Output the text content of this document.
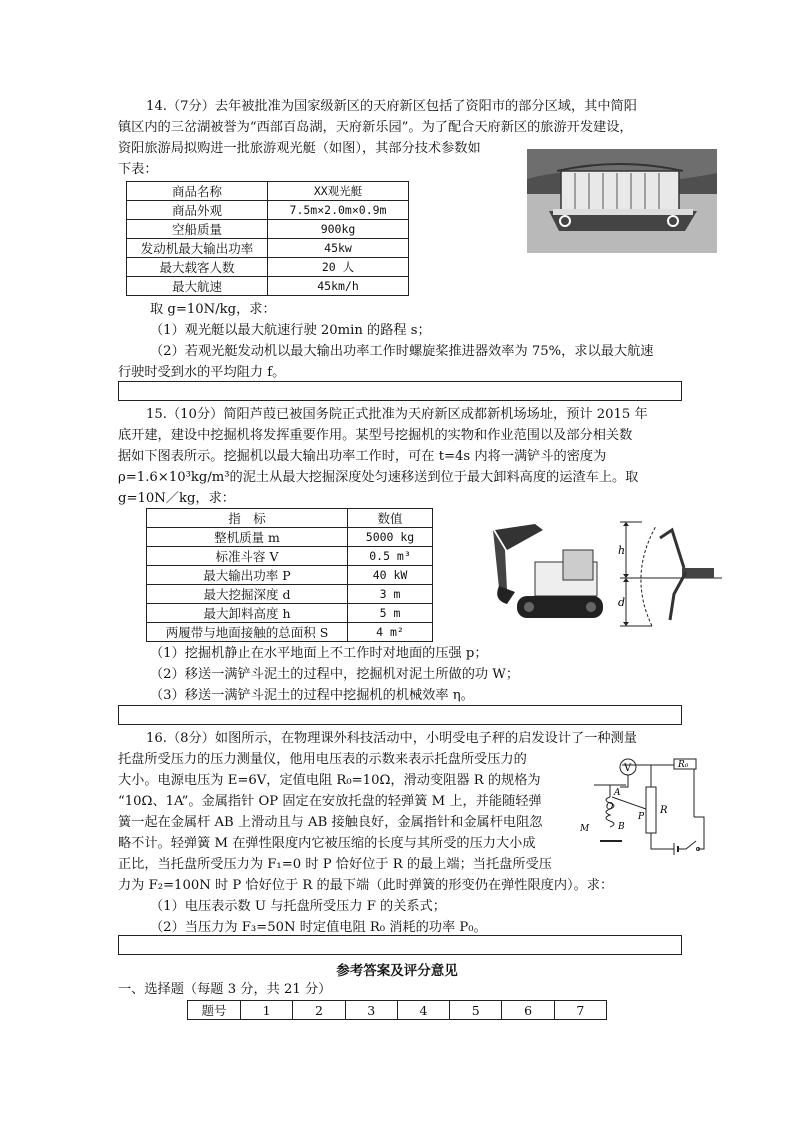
14.（7分）去年被批准为国家级新区的天府新区包括了资阳市的部分区域，其中简阳
镇区内的三岔湖被誉为“西部百岛湖，天府新乐园”。为了配合天府新区的旅游开发建设，
资阳旅游局拟购进一批旅游观光艇（如图），其部分技术参数如
下表：
商品名称	XX观光艇
商品外观	7.5m×2.0m×0.9m
空船质量	900kg
发动机最大输出功率	45kw
最大载客人数	20 人
最大航速	45km/h
取 g=10N/kg，求：
（1）观光艇以最大航速行驶 20min 的路程 s；
（2）若观光艇发动机以最大输出功率工作时螺旋桨推进器效率为 75%，求以最大航速
行驶时受到水的平均阻力 f。
15.（10分）简阳芦葭已被国务院正式批准为天府新区成都新机场场址，预计 2015 年
底开建，建设中挖掘机将发挥重要作用。某型号挖掘机的实物和作业范围以及部分相关数
据如下图表所示。挖掘机以最大输出功率工作时，可在 t=4s 内将一满铲斗的密度为
ρ=1.6×10³kg/m³的泥土从最大挖掘深度处匀速移送到位于最大卸料高度的运渣车上。取
g=10N／kg，求：
指　标	数值
整机质量 m	5000 kg
标准斗容 V	0.5 m³
最大输出功率 P	40 kW
最大挖掘深度 d	3 m
最大卸料高度 h	5 m
两履带与地面接触的总面积 S	4 m²
h
d
（1）挖掘机静止在水平地面上不工作时对地面的压强 p；
（2）移送一满铲斗泥土的过程中，挖掘机对泥土所做的功 W；
（3）移送一满铲斗泥土的过程中挖掘机的机械效率 η。
16.（8分）如图所示，在物理课外科技活动中，小明受电子秤的启发设计了一种测量
托盘所受压力的压力测量仪，他用电压表的示数来表示托盘所受压力的
大小。电源电压为 E=6V，定值电阻 R₀=10Ω，滑动变阻器 R 的规格为
“10Ω、1A”。金属指针 OP 固定在安放托盘的轻弹簧 M 上，并能随轻弹
簧一起在金属杆 AB 上滑动且与 AB 接触良好，金属指针和金属杆电阻忽
略不计。轻弹簧 M 在弹性限度内它被压缩的长度与其所受的压力大小成
正比，当托盘所受压力为 F₁=0 时 P 恰好位于 R 的最上端；当托盘所受压
力为 F₂=100N 时 P 恰好位于 R 的最下端（此时弹簧的形变仍在弹性限度内）。求：
V	R₀
R
A
O
B
P
M
（1）电压表示数 U 与托盘所受压力 F 的关系式；
（2）当压力为 F₃=50N 时定值电阻 R₀ 消耗的功率 P₀。
参考答案及评分意见
一、选择题（每题 3 分，共 21 分）
题号	1	2	3	4	5	6	7
